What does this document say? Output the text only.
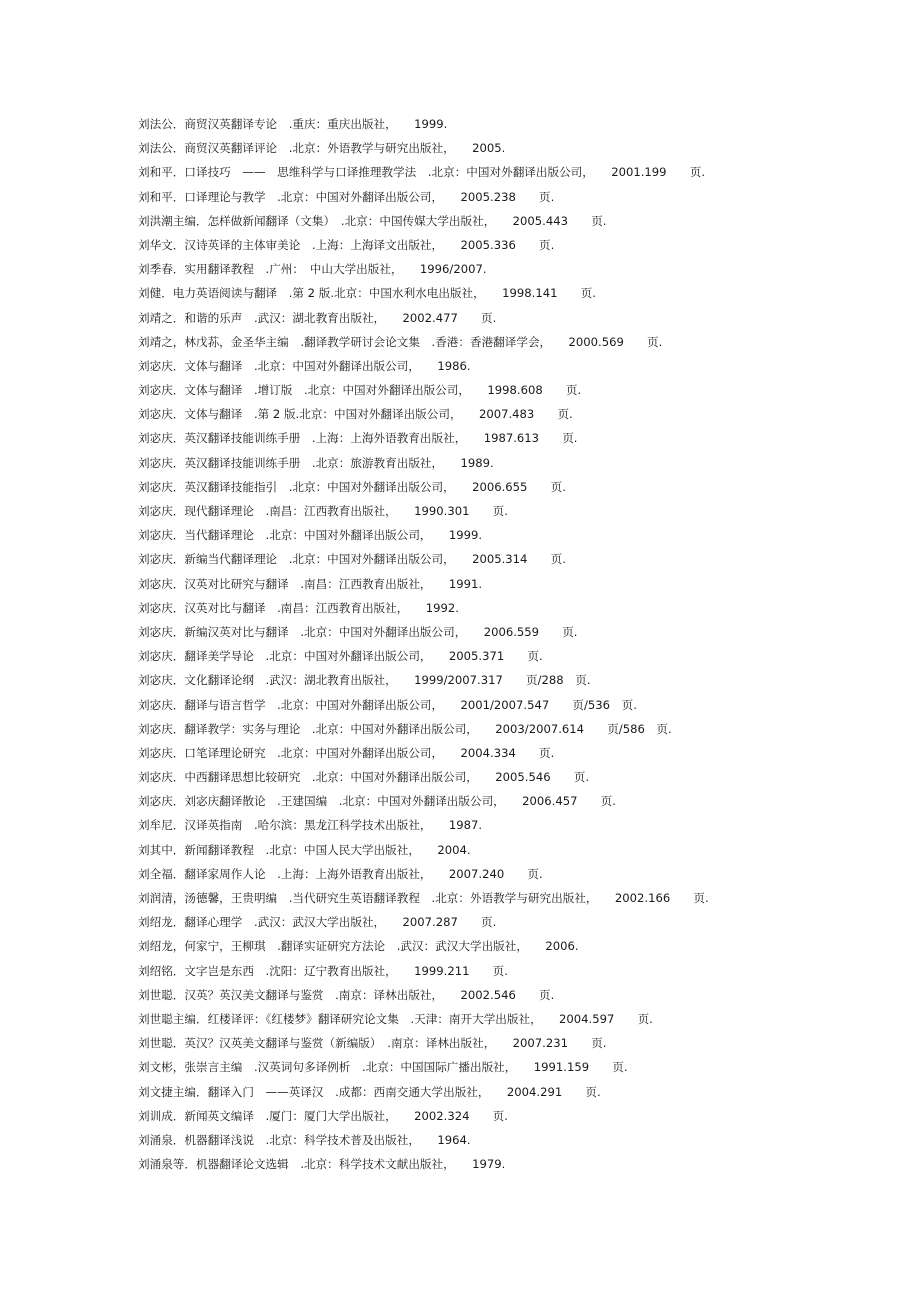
刘法公．商贸汉英翻译专论　.重庆：重庆出版社，　　1999.
刘法公．商贸汉英翻译评论　.北京：外语教学与研究出版社，　　2005.
刘和平．口译技巧　——　思维科学与口译推理教学法　.北京：中国对外翻译出版公司，　　2001.199　　页.
刘和平．口译理论与教学　.北京：中国对外翻译出版公司，　　2005.238　　页.
刘洪潮主编．怎样做新闻翻译（文集）　.北京：中国传媒大学出版社，　　2005.443　　页.
刘华文．汉诗英译的主体审美论　.上海：上海译文出版社，　　2005.336　　页.
刘季春．实用翻译教程　.广州：　中山大学出版社，　　1996/2007.
刘健．电力英语阅读与翻译　.第 2 版.北京：中国水利水电出版社，　　1998.141　　页.
刘靖之．和谐的乐声　.武汉：湖北教育出版社，　　2002.477　　页.
刘靖之，林戊荪，金圣华主编　.翻译教学研讨会论文集　.香港：香港翻译学会，　　2000.569　　页.
刘宓庆．文体与翻译　.北京：中国对外翻译出版公司，　　1986.
刘宓庆．文体与翻译　.增订版　.北京：中国对外翻译出版公司，　　1998.608　　页.
刘宓庆．文体与翻译　.第 2 版.北京：中国对外翻译出版公司，　　2007.483　　页.
刘宓庆．英汉翻译技能训练手册　.上海：上海外语教育出版社，　　1987.613　　页.
刘宓庆．英汉翻译技能训练手册　.北京：旅游教育出版社，　　1989.
刘宓庆．英汉翻译技能指引　.北京：中国对外翻译出版公司，　　2006.655　　页.
刘宓庆．现代翻译理论　.南昌：江西教育出版社，　　1990.301　　页.
刘宓庆．当代翻译理论　.北京：中国对外翻译出版公司，　　1999.
刘宓庆．新编当代翻译理论　.北京：中国对外翻译出版公司，　　2005.314　　页.
刘宓庆．汉英对比研究与翻译　.南昌：江西教育出版社，　　1991.
刘宓庆．汉英对比与翻译　.南昌：江西教育出版社，　　1992.
刘宓庆．新编汉英对比与翻译　.北京：中国对外翻译出版公司，　　2006.559　　页.
刘宓庆．翻译美学导论　.北京：中国对外翻译出版公司，　　2005.371　　页.
刘宓庆．文化翻译论纲　.武汉：湖北教育出版社，　　1999/2007.317　　页/288　页.
刘宓庆．翻译与语言哲学　.北京：中国对外翻译出版公司，　　2001/2007.547　　页/536　页.
刘宓庆．翻译教学：实务与理论　.北京：中国对外翻译出版公司，　　2003/2007.614　　页/586　页.
刘宓庆．口笔译理论研究　.北京：中国对外翻译出版公司，　　2004.334　　页.
刘宓庆．中西翻译思想比较研究　.北京：中国对外翻译出版公司，　　2005.546　　页.
刘宓庆．刘宓庆翻译散论　.王建国编　.北京：中国对外翻译出版公司，　　2006.457　　页.
刘牟尼．汉译英指南　.哈尔滨：黑龙江科学技术出版社，　　1987.
刘其中．新闻翻译教程　.北京：中国人民大学出版社，　　2004.
刘全福．翻译家周作人论　.上海：上海外语教育出版社，　　2007.240　　页.
刘润清，汤德馨，王贵明编　.当代研究生英语翻译教程　.北京：外语教学与研究出版社，　　2002.166　　页.
刘绍龙．翻译心理学　.武汉：武汉大学出版社，　　2007.287　　页.
刘绍龙，何家宁，王柳琪　.翻译实证研究方法论　.武汉：武汉大学出版社，　　2006.
刘绍铭．文字岂是东西　.沈阳：辽宁教育出版社，　　1999.211　　页.
刘世聪．汉英？英汉美文翻译与鉴赏　.南京：译林出版社，　　2002.546　　页.
刘世聪主编．红楼译评：《红楼梦》翻译研究论文集　.天津：南开大学出版社，　　2004.597　　页.
刘世聪．英汉？汉英美文翻译与鉴赏（新编版）　.南京：译林出版社，　　2007.231　　页.
刘文彬，张崇言主编　.汉英词句多译例析　.北京：中国国际广播出版社，　　1991.159　　页.
刘文捷主编．翻译入门　——英译汉　.成都：西南交通大学出版社，　　2004.291　　页.
刘训成．新闻英文编译　.厦门：厦门大学出版社，　　2002.324　　页.
刘涌泉．机器翻译浅说　.北京：科学技术普及出版社，　　1964.
刘涌泉等．机器翻译论文选辑　.北京：科学技术文献出版社，　　1979.
